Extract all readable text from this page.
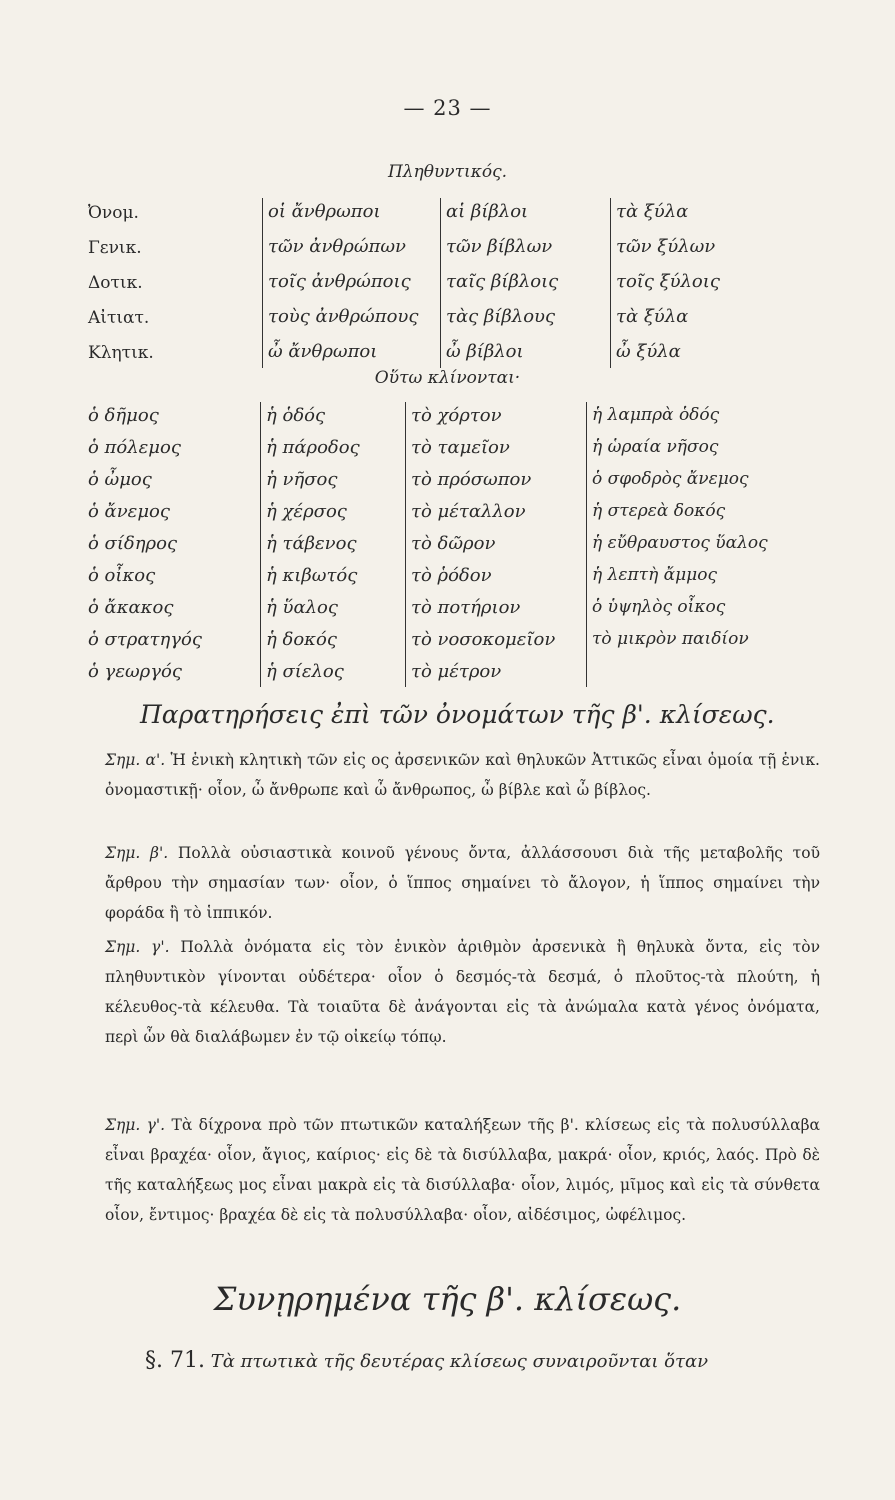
— 23 —
Πληθυντικός.
Ὀνομ.
Γενικ.
Δοτικ.
Αἰτιατ.
Κλητικ.
οἱ ἄνθρωποι
τῶν ἀνθρώπων
τοῖς ἀνθρώποις
τοὺς ἀνθρώπους
ὦ ἄνθρωποι
αἱ βίβλοι
τῶν βίβλων
ταῖς βίβλοις
τὰς βίβλους
ὦ βίβλοι
τὰ ξύλα
τῶν ξύλων
τοῖς ξύλοις
τὰ ξύλα
ὦ ξύλα
Οὕτω κλίνονται·
ὁ δῆμος
ὁ πόλεμος
ὁ ὦμος
ὁ ἄνεμος
ὁ σίδηρος
ὁ οἶκος
ὁ ἄκακος
ὁ στρατηγός
ὁ γεωργός
ἡ ὁδός
ἡ πάροδος
ἡ νῆσος
ἡ χέρσος
ἡ τάβενος
ἡ κιβωτός
ἡ ὕαλος
ἡ δοκός
ἡ σίελος
τὸ χόρτον
τὸ ταμεῖον
τὸ πρόσωπον
τὸ μέταλλον
τὸ δῶρον
τὸ ῥόδον
τὸ ποτήριον
τὸ νοσοκομεῖον
τὸ μέτρον
ἡ λαμπρὰ ὁδός
ἡ ὡραία νῆσος
ὁ σφοδρὸς ἄνεμος
ἡ στερεὰ δοκός
ἡ εὔθραυστος ὕαλος
ἡ λεπτὴ ἄμμος
ὁ ὑψηλὸς οἶκος
τὸ μικρὸν παιδίον
Παρατηρήσεις ἐπὶ τῶν ὀνομάτων τῆς β'. κλίσεως.
Σημ. α'. Ἡ ἑνικὴ κλητικὴ τῶν εἰς ος ἀρσενικῶν καὶ θηλυκῶν Ἀττικῶς εἶναι ὁμοία τῇ ἑνικ. ὀνομαστικῇ· οἷον, ὦ ἄνθρωπε καὶ ὦ ἄνθρωπος, ὦ βίβλε καὶ ὦ βίβλος.
Σημ. β'. Πολλὰ οὐσιαστικὰ κοινοῦ γένους ὄντα, ἀλλάσσουσι διὰ τῆς μεταβολῆς τοῦ ἄρθρου τὴν σημασίαν των· οἷον, ὁ ἵππος σημαίνει τὸ ἄλογον, ἡ ἵππος σημαίνει τὴν φοράδα ἢ τὸ ἱππικόν.
Σημ. γ'. Πολλὰ ὀνόματα εἰς τὸν ἑνικὸν ἀριθμὸν ἀρσενικὰ ἢ θηλυκὰ ὄντα, εἰς τὸν πληθυντικὸν γίνονται οὐδέτερα· οἷον ὁ δεσμός-τὰ δεσμά, ὁ πλοῦτος-τὰ πλούτη, ἡ κέλευθος-τὰ κέλευθα. Τὰ τοιαῦτα δὲ ἀνάγονται εἰς τὰ ἀνώμαλα κατὰ γένος ὀνόματα, περὶ ὧν θὰ διαλάβωμεν ἐν τῷ οἰκείῳ τόπῳ.
Σημ. γ'. Τὰ δίχρονα πρὸ τῶν πτωτικῶν καταλήξεων τῆς β'. κλίσεως εἰς τὰ πολυσύλλαβα εἶναι βραχέα· οἷον, ἄγιος, καίριος· εἰς δὲ τὰ δισύλλαβα, μακρά· οἷον, κριός, λαός. Πρὸ δὲ τῆς καταλήξεως μος εἶναι μακρὰ εἰς τὰ δισύλλαβα· οἷον, λιμός, μῖμος καὶ εἰς τὰ σύνθετα οἷον, ἔντιμος· βραχέα δὲ εἰς τὰ πολυσύλλαβα· οἷον, αἰδέσιμος, ὠφέλιμος.
Συνῃρημένα τῆς β'. κλίσεως.
§. 71. Τὰ πτωτικὰ τῆς δευτέρας κλίσεως συναιροῦνται ὅταν
